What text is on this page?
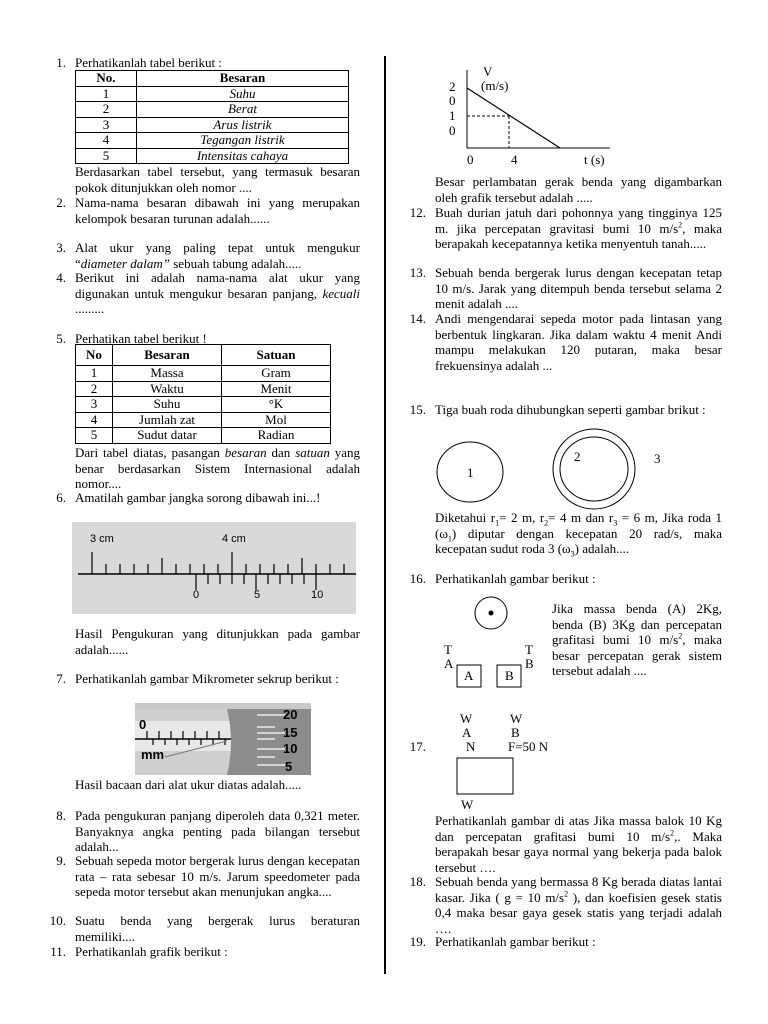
1. Perhatikanlah tabel berikut :
No.	Besaran
1	Suhu
2	Berat
3	Arus listrik
4	Tegangan listrik
5	Intensitas cahaya
Berdasarkan tabel tersebut, yang termasuk besaran pokok ditunjukkan oleh nomor ....
2. Nama-nama besaran dibawah ini yang merupakan kelompok besaran turunan adalah......
3. Alat ukur yang paling tepat untuk mengukur “diameter dalam” sebuah tabung adalah.....
4. Berikut ini adalah nama-nama alat ukur yang digunakan untuk mengukur besaran panjang, kecuali .........
5. Perhatikan tabel berikut !
No	Besaran	Satuan
1	Massa	Gram
2	Waktu	Menit
3	Suhu	°K
4	Jumlah zat	Mol
5	Sudut datar	Radian
Dari tabel diatas, pasangan besaran dan satuan yang benar berdasarkan Sistem Internasional adalah nomor....
6. Amatilah gambar jangka sorong dibawah ini...!
3 cm	4 cm
0	5	10
Hasil Pengukuran yang ditunjukkan pada gambar adalah......
7. Perhatikanlah gambar Mikrometer sekrup berikut :
0
mm
20
15
10
5
Hasil bacaan dari alat ukur diatas adalah.....
8. Pada pengukuran panjang diperoleh data 0,321 meter. Banyaknya angka penting pada bilangan tersebut adalah...
9. Sebuah sepeda motor bergerak lurus dengan kecepatan rata – rata sebesar 10 m/s. Jarum speedometer pada sepeda motor tersebut akan menunjukan angka....
10. Suatu benda yang bergerak lurus beraturan memiliki....
11. Perhatikanlah grafik berikut :
V
(m/s)
2
0
1
0
0	4	t (s)
Besar perlambatan gerak benda yang digambarkan oleh grafik tersebut adalah .....
12. Buah durian jatuh dari pohonnya yang tingginya 125 m. jika percepatan gravitasi bumi 10 $m/s^2$, maka berapakah kecepatannya ketika menyentuh tanah.....
13. Sebuah benda bergerak lurus dengan kecepatan tetap 10 m/s. Jarak yang ditempuh benda tersebut selama 2 menit adalah ....
14. Andi mengendarai sepeda motor pada lintasan yang berbentuk lingkaran. Jika dalam waktu 4 menit Andi mampu melakukan 120 putaran, maka besar frekuensinya adalah ...
15. Tiga buah roda dihubungkan seperti gambar brikut :
1
2	3
Diketahui $r_1= 2$ m, $r_2= 4$ m dan $r_3 = 6$ m, Jika roda 1 $(\omega_1)$ diputar dengan kecepatan 20 rad/s, maka kecepatan sudut roda 3 $(\omega_3)$ adalah....
16. Perhatikanlah gambar berikut :
T
A
T
B
A B
Jika massa benda (A) 2Kg, benda (B) 3Kg dan percepatan grafitasi bumi 10 $m/s^2$, maka besar percepatan gerak sistem tersebut adalah ....
W
A
W
B
17.	N	F=50 N
W
Perhatikanlah gambar di atas Jika massa balok 10 Kg dan percepatan grafitasi bumi 10 $m/s^2$,. Maka berapakah besar gaya normal yang bekerja pada balok tersebut ….
18. Sebuah benda yang bermassa 8 Kg berada diatas lantai kasar. Jika ( g = 10 $m/s^2$ ), dan koefisien gesek statis 0,4 maka besar gaya gesek statis yang terjadi adalah ….
19. Perhatikanlah gambar berikut :
